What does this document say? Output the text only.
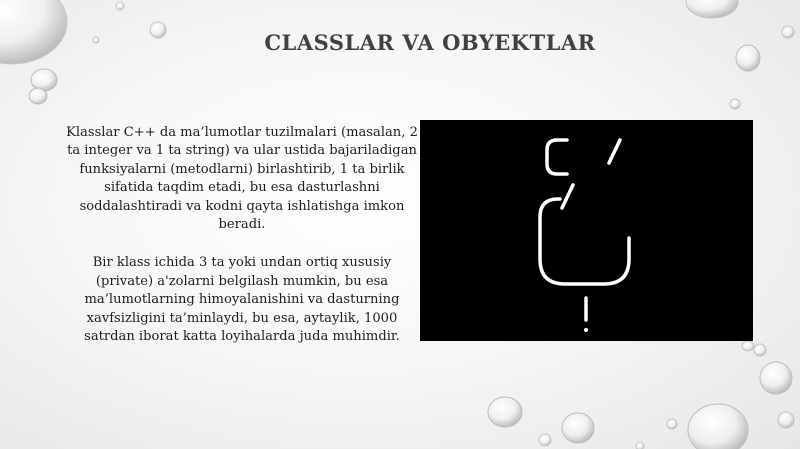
CLASSLAR VA OBYEKTLAR

Klasslar C++ da ma’lumotlar tuzilmalari (masalan, 2 ta integer va 1 ta string) va ular ustida bajariladigan funksiyalarni (metodlarni) birlashtirib, 1 ta birlik sifatida taqdim etadi, bu esa dasturlashni soddalashtiradi va kodni qayta ishlatishga imkon beradi.

Bir klass ichida 3 ta yoki undan ortiq xususiy (private) a'zolarni belgilash mumkin, bu esa ma’lumotlarning himoyalanishini va dasturning xavfsizligini ta’minlaydi, bu esa, aytaylik, 1000 satrdan iborat katta loyihalarda juda muhimdir.
